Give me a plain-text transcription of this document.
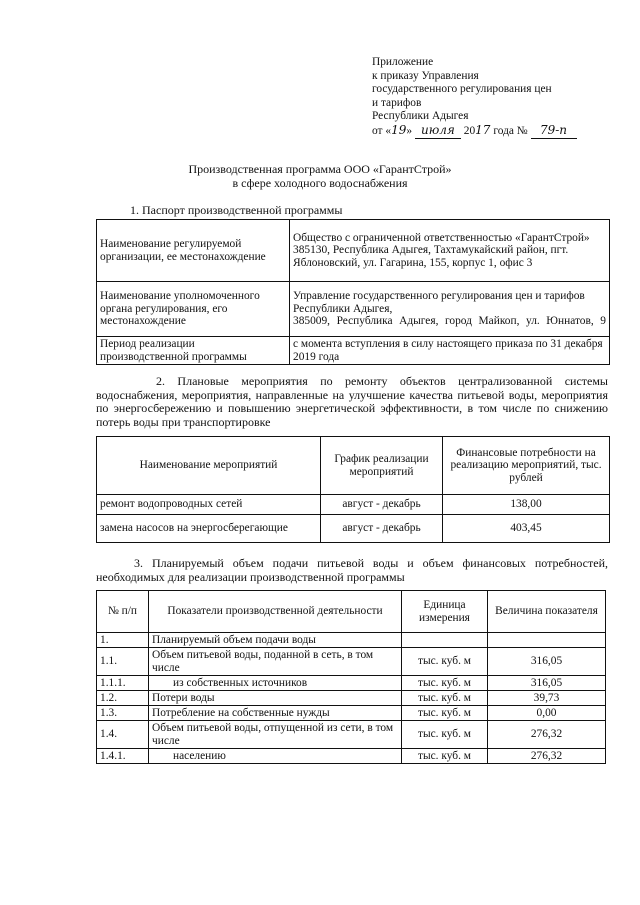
Приложение
к приказу Управления
государственного регулирования цен
и тарифов
Республики Адыгея
от «19» июля 2017 года № 79-п
Производственная программа ООО «ГарантСтрой»
в сфере холодного водоснабжения
1. Паспорт производственной программы
Наименование регулируемой организации, ее местонахождение	Общество с ограниченной ответственностью «ГарантСтрой»
385130, Республика Адыгея, Тахтамукайский район, пгт. Яблоновский, ул. Гагарина, 155, корпус 1, офис 3

Наименование уполномоченного органа регулирования, его местонахождение	Управление государственного регулирования цен и тарифов Республики Адыгея,
385009, Республика Адыгея, город Майкоп, ул. Юннатов, 9

Период реализации производственной программы	с момента вступления в силу настоящего приказа по 31 декабря 2019 года
2. Плановые мероприятия по ремонту объектов централизованной системы водоснабжения, мероприятия, направленные на улучшение качества питьевой воды, мероприятия по энергосбережению и повышению энергетической эффективности, в том числе по снижению потерь воды при транспортировке
Наименование мероприятий	График реализации мероприятий	Финансовые потребности на реализацию мероприятий, тыс. рублей
ремонт водопроводных сетей	август - декабрь	138,00
замена насосов на энергосберегающие	август - декабрь	403,45
3. Планируемый объем подачи питьевой воды и объем финансовых потребностей, необходимых для реализации производственной программы
№ п/п	Показатели производственной деятельности	Единица измерения	Величина показателя
1.	Планируемый объем подачи воды		
1.1.	Объем питьевой воды, поданной в сеть, в том числе	тыс. куб. м	316,05
1.1.1.	из собственных источников	тыс. куб. м	316,05
1.2.	Потери воды	тыс. куб. м	39,73
1.3.	Потребление на собственные нужды	тыс. куб. м	0,00
1.4.	Объем питьевой воды, отпущенной из сети, в том числе	тыс. куб. м	276,32
1.4.1.	населению	тыс. куб. м	276,32
